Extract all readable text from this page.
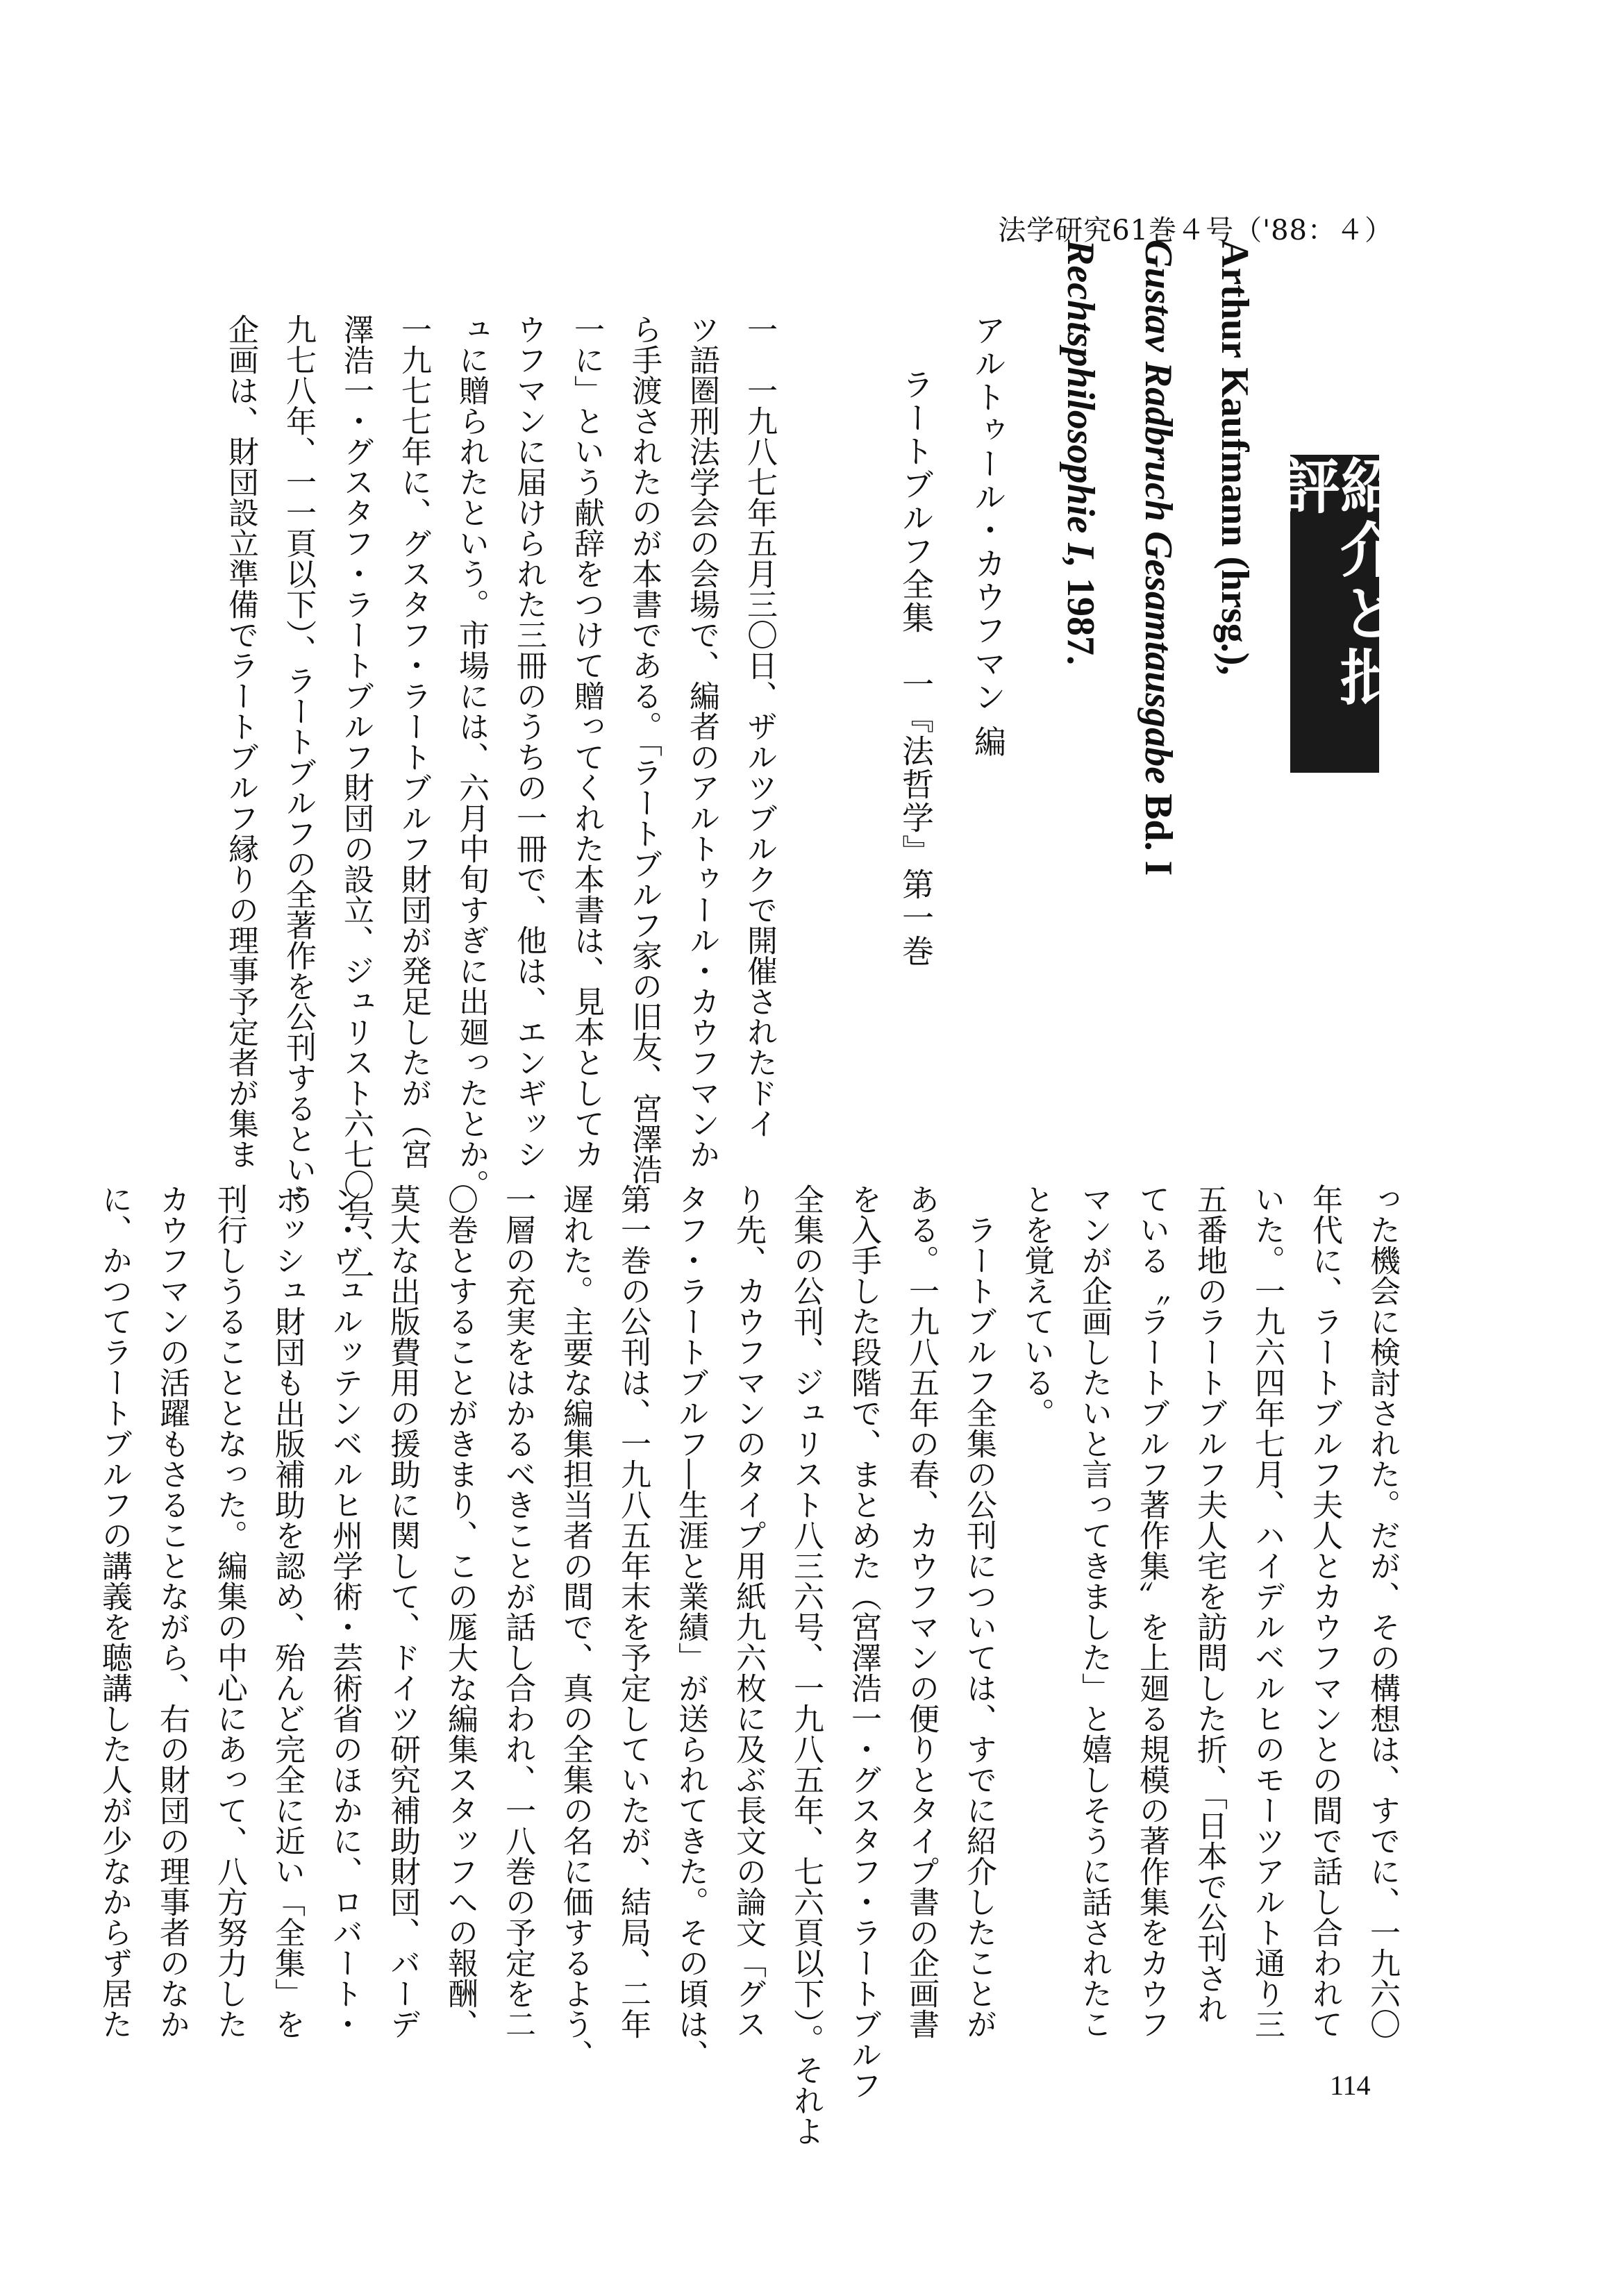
法学研究61巻４号（'88：４）
紹介と批評
Arthur Kaufmann (hrsg.),
Gustav Radbruch Gesamtausgabe Bd. I
Rechtsphilosophie I, 1987.
アルトゥール・カウフマン 編
ラートブルフ全集　一『法哲学』第一巻
一　一九八七年五月三〇日、ザルツブルクで開催されたドイ
ツ語圏刑法学会の会場で、編者のアルトゥール・カウフマンか
ら手渡されたのが本書である。「ラートブルフ家の旧友、宮澤浩
一に」という献辞をつけて贈ってくれた本書は、見本としてカ
ウフマンに届けられた三冊のうちの一冊で、他は、エンギッシ
ュに贈られたという。市場には、六月中旬すぎに出廻ったとか。
一九七七年に、グスタフ・ラートブルフ財団が発足したが（宮
澤浩一・グスタフ・ラートブルフ財団の設立、ジュリスト六七〇号、一
九七八年、一一頁以下）、ラートブルフの全著作を公刊するという
企画は、財団設立準備でラートブルフ縁りの理事予定者が集ま
った機会に検討された。だが、その構想は、すでに、一九六〇
年代に、ラートブルフ夫人とカウフマンとの間で話し合われて
いた。一九六四年七月、ハイデルベルヒのモーツアルト通り三
五番地のラートブルフ夫人宅を訪問した折、「日本で公刊され
ている〝ラートブルフ著作集〟を上廻る規模の著作集をカウフ
マンが企画したいと言ってきました」と嬉しそうに話されたこ
とを覚えている。
　ラートブルフ全集の公刊については、すでに紹介したことが
ある。一九八五年の春、カウフマンの便りとタイプ書の企画書
を入手した段階で、まとめた（宮澤浩一・グスタフ・ラートブルフ
全集の公刊、ジュリスト八三六号、一九八五年、七六頁以下）。それよ
り先、カウフマンのタイプ用紙九六枚に及ぶ長文の論文「グス
タフ・ラートブルフ―生涯と業績」が送られてきた。その頃は、
第一巻の公刊は、一九八五年末を予定していたが、結局、二年
遅れた。主要な編集担当者の間で、真の全集の名に価するよう、
一層の充実をはかるべきことが話し合われ、一八巻の予定を二
〇巻とすることがきまり、この厖大な編集スタッフへの報酬、
莫大な出版費用の援助に関して、ドイツ研究補助財団、バーデ
ン・ヴュルッテンベルヒ州学術・芸術省のほかに、ロバート・
ボッシュ財団も出版補助を認め、殆んど完全に近い「全集」を
刊行しうることとなった。編集の中心にあって、八方努力した
カウフマンの活躍もさることながら、右の財団の理事者のなか
に、かつてラートブルフの講義を聴講した人が少なからず居た
114
